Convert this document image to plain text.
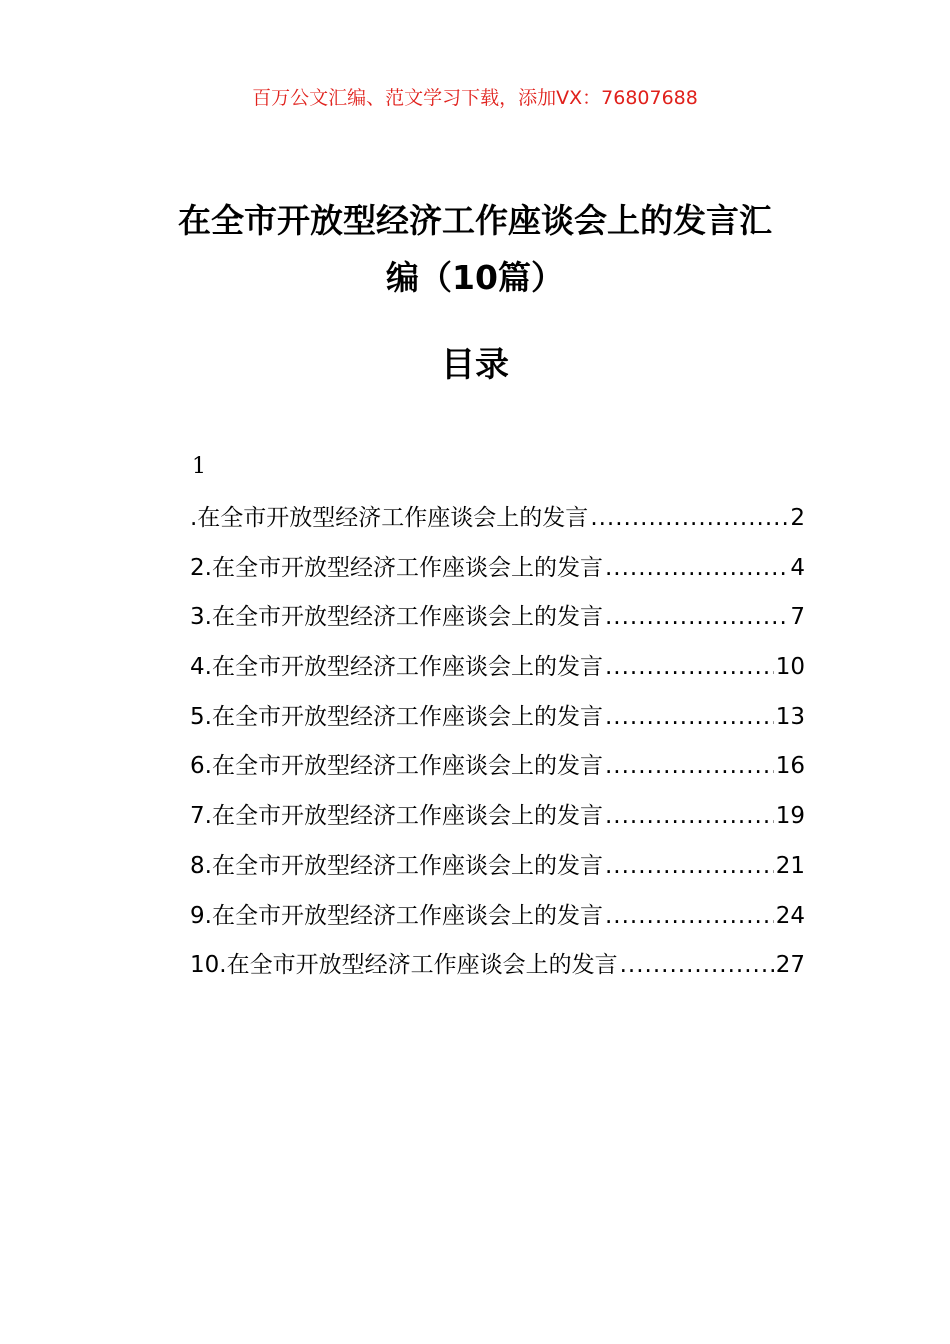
百万公文汇编、范文学习下载，添加VX：76807688
在全市开放型经济工作座谈会上的发言汇
编（10篇）
目录
1
.在全市开放型经济工作座谈会上的发言 .....	2
2.在全市开放型经济工作座谈会上的发言 .....	4
3.在全市开放型经济工作座谈会上的发言 .....	7
4.在全市开放型经济工作座谈会上的发言 .....	10
5.在全市开放型经济工作座谈会上的发言 .....	13
6.在全市开放型经济工作座谈会上的发言 .....	16
7.在全市开放型经济工作座谈会上的发言 .....	19
8.在全市开放型经济工作座谈会上的发言 .....	21
9.在全市开放型经济工作座谈会上的发言 .....	24
10.在全市开放型经济工作座谈会上的发言 .....	27
